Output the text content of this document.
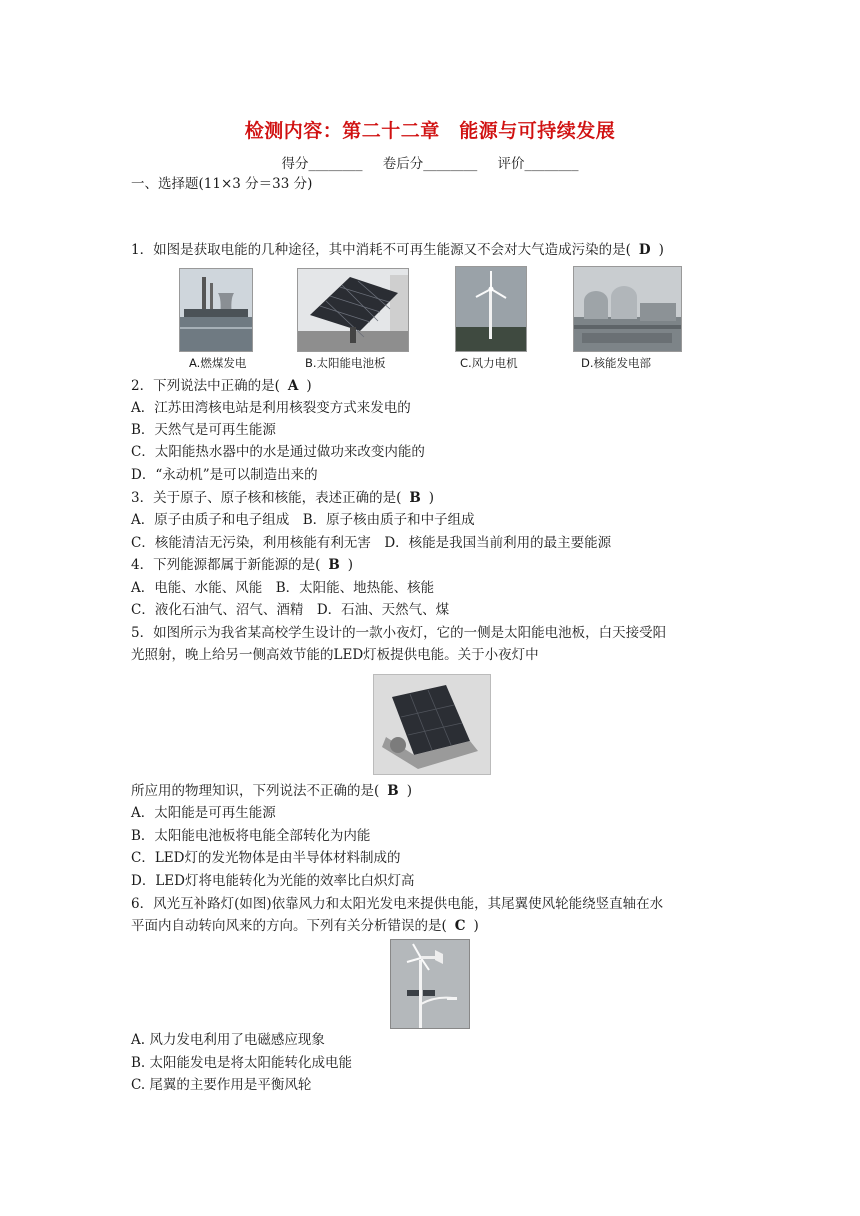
检测内容：第二十二章　能源与可持续发展
得分________ 卷后分________ 评价________
一、选择题(11×3 分＝33 分)
1．如图是获取电能的几种途径，其中消耗不可再生能源又不会对大气造成污染的是( D )
A.燃煤发电	B.太阳能电池板	C.风力电机	D.核能发电部
2．下列说法中正确的是( A )
A．江苏田湾核电站是利用核裂变方式来发电的
B．天然气是可再生能源
C．太阳能热水器中的水是通过做功来改变内能的
D．“永动机”是可以制造出来的
3．关于原子、原子核和核能，表述正确的是( B )
A．原子由质子和电子组成　B．原子核由质子和中子组成
C．核能清洁无污染，利用核能有利无害　D．核能是我国当前利用的最主要能源
4．下列能源都属于新能源的是( B )
A．电能、水能、风能　B．太阳能、地热能、核能
C．液化石油气、沼气、酒精　D．石油、天然气、煤
5．如图所示为我省某高校学生设计的一款小夜灯，它的一侧是太阳能电池板，白天接受阳
光照射，晚上给另一侧高效节能的LED灯板提供电能。关于小夜灯中
所应用的物理知识，下列说法不正确的是( B )
A．太阳能是可再生能源
B．太阳能电池板将电能全部转化为内能
C．LED灯的发光物体是由半导体材料制成的
D．LED灯将电能转化为光能的效率比白炽灯高
6．风光互补路灯(如图)依靠风力和太阳光发电来提供电能，其尾翼使风轮能绕竖直轴在水
平面内自动转向风来的方向。下列有关分析错误的是( C )
A. 风力发电利用了电磁感应现象
B. 太阳能发电是将太阳能转化成电能
C. 尾翼的主要作用是平衡风轮
